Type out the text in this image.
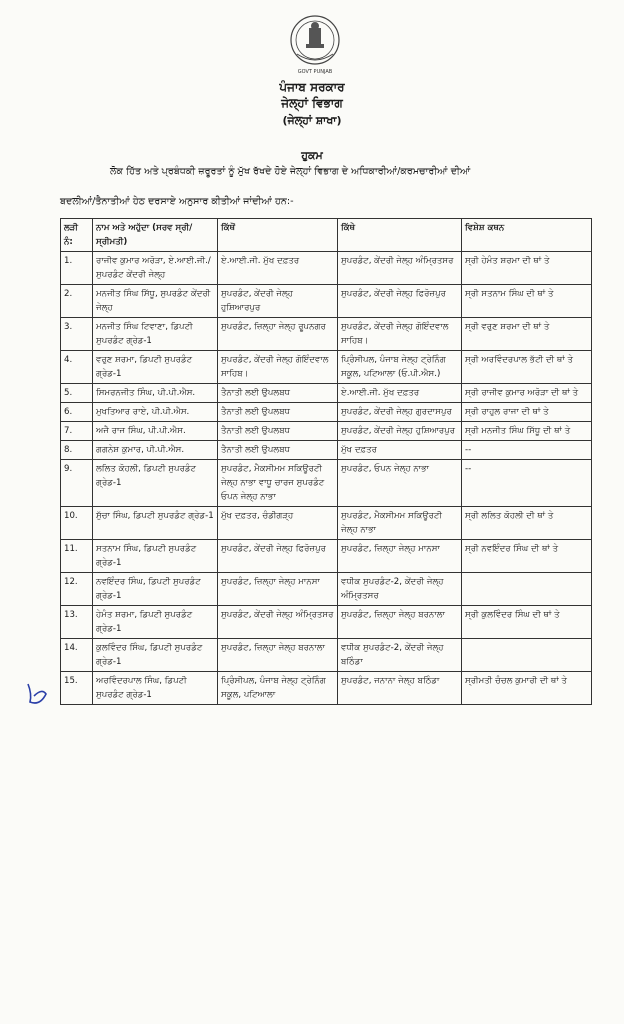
GOVT PUNJAB
ਪੰਜਾਬ ਸਰਕਾਰ
ਜੇਲ੍ਹਾਂ ਵਿਭਾਗ
(ਜੇਲ੍ਹਾਂ ਸ਼ਾਖਾ)
ਹੁਕਮ
ਲੋਕ ਹਿੱਤ ਅਤੇ ਪ੍ਰਬੰਧਕੀ ਜ਼ਰੂਰਤਾਂ ਨੂੰ ਮੁੱਖ ਰੱਖਦੇ ਹੋਏ ਜੇਲ੍ਹਾਂ ਵਿਭਾਗ ਦੇ ਅਧਿਕਾਰੀਆਂ/ਕਰਮਚਾਰੀਆਂ ਦੀਆਂ
ਬਦਲੀਆਂ/ਤੈਨਾਤੀਆਂ ਹੇਠ ਦਰਸਾਏ ਅਨੁਸਾਰ ਕੀਤੀਆਂ ਜਾਂਦੀਆਂ ਹਨ:-
ਲੜੀ ਨੰ:	ਨਾਮ ਅਤੇ ਅਹੁੱਦਾ (ਸਰਵ ਸ੍ਰੀ/ਸ੍ਰੀਮਤੀ)	ਕਿੱਥੋਂ	ਕਿੱਥੇ	ਵਿਸ਼ੇਸ਼ ਕਥਨ
1.	ਰਾਜੀਵ ਕੁਮਾਰ ਅਰੋੜਾ, ਏ.ਆਈ.ਜੀ./ਸੁਪਰਡੰਟ ਕੇਂਦਰੀ ਜੇਲ੍ਹ	ਏ.ਆਈ.ਜੀ. ਮੁੱਖ ਦਫ਼ਤਰ	ਸੁਪਰਡੰਟ, ਕੇਂਦਰੀ ਜੇਲ੍ਹ ਅੰਮ੍ਰਿਤਸਰ	ਸ੍ਰੀ ਹੇਮੰਤ ਸ਼ਰਮਾ ਦੀ ਥਾਂ ਤੇ
2.	ਮਨਜੀਤ ਸਿੰਘ ਸਿੱਧੂ, ਸੁਪਰਡੰਟ ਕੇਂਦਰੀ ਜੇਲ੍ਹ	ਸੁਪਰਡੰਟ, ਕੇਂਦਰੀ ਜੇਲ੍ਹ ਹੁਸ਼ਿਆਰਪੁਰ	ਸੁਪਰਡੰਟ, ਕੇਂਦਰੀ ਜੇਲ੍ਹ ਫਿਰੋਜ਼ਪੁਰ	ਸ੍ਰੀ ਸਤਨਾਮ ਸਿੰਘ ਦੀ ਥਾਂ ਤੇ
3.	ਮਨਜੀਤ ਸਿੰਘ ਟਿਵਾਣਾ, ਡਿਪਟੀ ਸੁਪਰਡੰਟ ਗ੍ਰੇਡ-1	ਸੁਪਰਡੰਟ, ਜ਼ਿਲ੍ਹਾ ਜੇਲ੍ਹ ਰੂਪਨਗਰ	ਸੁਪਰਡੰਟ, ਕੇਂਦਰੀ ਜੇਲ੍ਹ ਗੋਇੰਦਵਾਲ ਸਾਹਿਬ।	ਸ੍ਰੀ ਵਰੁਣ ਸ਼ਰਮਾ ਦੀ ਥਾਂ ਤੇ
4.	ਵਰੁਣ ਸ਼ਰਮਾ, ਡਿਪਟੀ ਸੁਪਰਡੰਟ ਗ੍ਰੇਡ-1	ਸੁਪਰਡੰਟ, ਕੇਂਦਰੀ ਜੇਲ੍ਹ ਗੋਇੰਦਵਾਲ ਸਾਹਿਬ।	ਪ੍ਰਿੰਸੀਪਲ, ਪੰਜਾਬ ਜੇਲ੍ਹ ਟ੍ਰੇਨਿੰਗ ਸਕੂਲ, ਪਟਿਆਲਾ (ਓ.ਪੀ.ਐਸ.)	ਸ੍ਰੀ ਅਰਵਿੰਦਰਪਾਲ ਭੱਟੀ ਦੀ ਥਾਂ ਤੇ
5.	ਸਿਮਰਨਜੀਤ ਸਿੰਘ, ਪੀ.ਪੀ.ਐਸ.	ਤੈਨਾਤੀ ਲਈ ਉਪਲਬਧ	ਏ.ਆਈ.ਜੀ. ਮੁੱਖ ਦਫ਼ਤਰ	ਸ੍ਰੀ ਰਾਜੀਵ ਕੁਮਾਰ ਅਰੋੜਾ ਦੀ ਥਾਂ ਤੇ
6.	ਮੁਖਤਿਆਰ ਰਾਏ, ਪੀ.ਪੀ.ਐਸ.	ਤੈਨਾਤੀ ਲਈ ਉਪਲਬਧ	ਸੁਪਰਡੰਟ, ਕੇਂਦਰੀ ਜੇਲ੍ਹ ਗੁਰਦਾਸਪੁਰ	ਸ੍ਰੀ ਰਾਹੁਲ ਰਾਜਾ ਦੀ ਥਾਂ ਤੇ
7.	ਅਜੈ ਰਾਜ ਸਿੰਘ, ਪੀ.ਪੀ.ਐਸ.	ਤੈਨਾਤੀ ਲਈ ਉਪਲਬਧ	ਸੁਪਰਡੰਟ, ਕੇਂਦਰੀ ਜੇਲ੍ਹ ਹੁਸ਼ਿਆਰਪੁਰ	ਸ੍ਰੀ ਮਨਜੀਤ ਸਿੰਘ ਸਿੱਧੂ ਦੀ ਥਾਂ ਤੇ
8.	ਗਗਨੇਸ਼ ਕੁਮਾਰ, ਪੀ.ਪੀ.ਐਸ.	ਤੈਨਾਤੀ ਲਈ ਉਪਲਬਧ	ਮੁੱਖ ਦਫ਼ਤਰ	--
9.	ਲਲਿਤ ਕੋਹਲੀ, ਡਿਪਟੀ ਸੁਪਰਡੰਟ ਗ੍ਰੇਡ-1	ਸੁਪਰਡੰਟ, ਮੈਕਸੀਮਮ ਸਕਿਊਰਟੀ ਜੇਲ੍ਹ ਨਾਭਾ ਵਾਧੂ ਚਾਰਜ ਸੁਪਰਡੰਟ ਓਪਨ ਜੇਲ੍ਹ ਨਾਭਾ	ਸੁਪਰਡੰਟ, ਓਪਨ ਜੇਲ੍ਹ ਨਾਭਾ	--
10.	ਸੁੱਚਾ ਸਿੰਘ, ਡਿਪਟੀ ਸੁਪਰਡੰਟ ਗ੍ਰੇਡ-1	ਮੁੱਖ ਦਫ਼ਤਰ, ਚੰਡੀਗੜ੍ਹ	ਸੁਪਰਡੰਟ, ਮੈਕਸੀਮਮ ਸਕਿਊਰਟੀ ਜੇਲ੍ਹ ਨਾਭਾ	ਸ੍ਰੀ ਲਲਿਤ ਕੋਹਲੀ ਦੀ ਥਾਂ ਤੇ
11.	ਸਤਨਾਮ ਸਿੰਘ, ਡਿਪਟੀ ਸੁਪਰਡੰਟ ਗ੍ਰੇਡ-1	ਸੁਪਰਡੰਟ, ਕੇਂਦਰੀ ਜੇਲ੍ਹ ਫਿਰੋਜ਼ਪੁਰ	ਸੁਪਰਡੰਟ, ਜ਼ਿਲ੍ਹਾ ਜੇਲ੍ਹ ਮਾਨਸਾ	ਸ੍ਰੀ ਨਵਇੰਦਰ ਸਿੰਘ ਦੀ ਥਾਂ ਤੇ
12.	ਨਵਇੰਦਰ ਸਿੰਘ, ਡਿਪਟੀ ਸੁਪਰਡੰਟ ਗ੍ਰੇਡ-1	ਸੁਪਰਡੰਟ, ਜ਼ਿਲ੍ਹਾ ਜੇਲ੍ਹ ਮਾਨਸਾ	ਵਧੀਕ ਸੁਪਰਡੰਟ-2, ਕੇਂਦਰੀ ਜੇਲ੍ਹ ਅੰਮ੍ਰਿਤਸਰ	
13.	ਹੇਮੰਤ ਸ਼ਰਮਾ, ਡਿਪਟੀ ਸੁਪਰਡੰਟ ਗ੍ਰੇਡ-1	ਸੁਪਰਡੰਟ, ਕੇਂਦਰੀ ਜੇਲ੍ਹ ਅੰਮ੍ਰਿਤਸਰ	ਸੁਪਰਡੰਟ, ਜ਼ਿਲ੍ਹਾ ਜੇਲ੍ਹ ਬਰਨਾਲਾ	ਸ੍ਰੀ ਕੁਲਵਿੰਦਰ ਸਿੰਘ ਦੀ ਥਾਂ ਤੇ
14.	ਕੁਲਵਿੰਦਰ ਸਿੰਘ, ਡਿਪਟੀ ਸੁਪਰਡੰਟ ਗ੍ਰੇਡ-1	ਸੁਪਰਡੰਟ, ਜ਼ਿਲ੍ਹਾ ਜੇਲ੍ਹ ਬਰਨਾਲਾ	ਵਧੀਕ ਸੁਪਰਡੰਟ-2, ਕੇਂਦਰੀ ਜੇਲ੍ਹ ਬਠਿੰਡਾ	
15.	ਅਰਵਿੰਦਰਪਾਲ ਸਿੰਘ, ਡਿਪਟੀ ਸੁਪਰਡੰਟ ਗ੍ਰੇਡ-1	ਪ੍ਰਿੰਸੀਪਲ, ਪੰਜਾਬ ਜੇਲ੍ਹ ਟ੍ਰੇਨਿੰਗ ਸਕੂਲ, ਪਟਿਆਲਾ	ਸੁਪਰਡੰਟ, ਜਨਾਨਾ ਜੇਲ੍ਹ ਬਠਿੰਡਾ	ਸ੍ਰੀਮਤੀ ਚੰਚਲ ਕੁਮਾਰੀ ਦੀ ਥਾਂ ਤੇ
